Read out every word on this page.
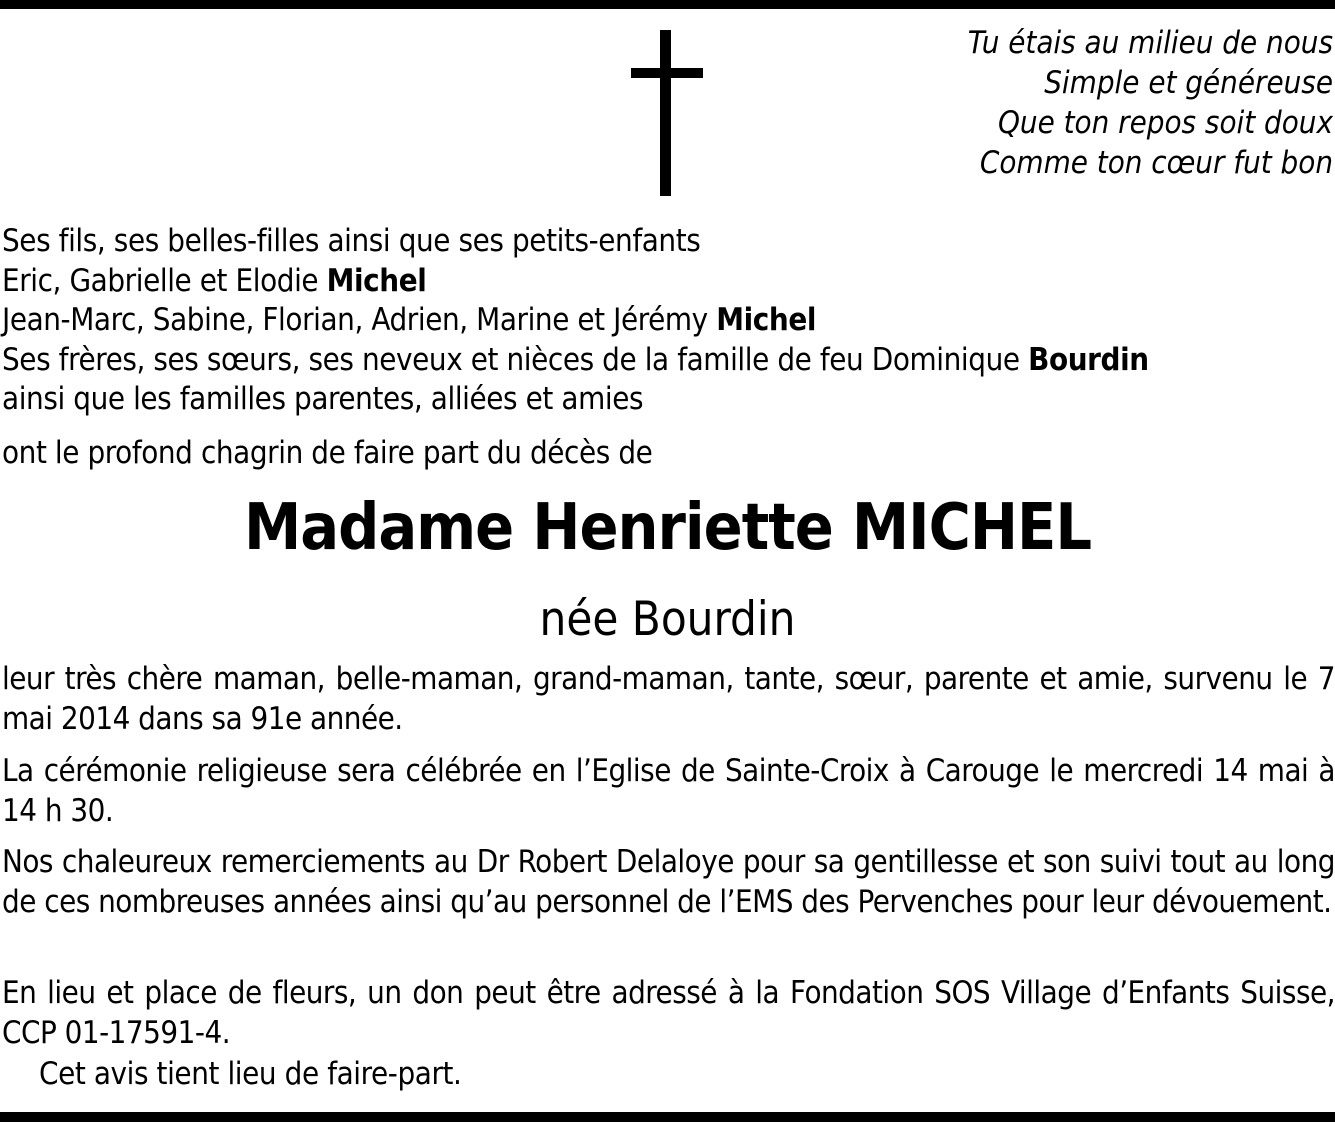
Tu étais au milieu de nous
Simple et généreuse
Que ton repos soit doux
Comme ton cœur fut bon
Ses fils, ses belles-filles ainsi que ses petits-enfants
Eric, Gabrielle et Elodie Michel
Jean-Marc, Sabine, Florian, Adrien, Marine et Jérémy Michel
Ses frères, ses sœurs, ses neveux et nièces de la famille de feu Dominique Bourdin
ainsi que les familles parentes, alliées et amies
ont le profond chagrin de faire part du décès de
Madame Henriette MICHEL
née Bourdin
leur très chère maman, belle-maman, grand-maman, tante, sœur, parente et amie, survenu le 7 mai 2014 dans sa 91e année.
La cérémonie religieuse sera célébrée en l’Eglise de Sainte-Croix à Carouge le mercredi 14 mai à 14 h 30.
Nos chaleureux remerciements au Dr Robert Delaloye pour sa gentillesse et son suivi tout au long de ces nombreuses années ainsi qu’au personnel de l’EMS des Pervenches pour leur dévouement.
En lieu et place de fleurs, un don peut être adressé à la Fondation SOS Village d’Enfants Suisse, CCP 01-17591-4.
Cet avis tient lieu de faire-part.
